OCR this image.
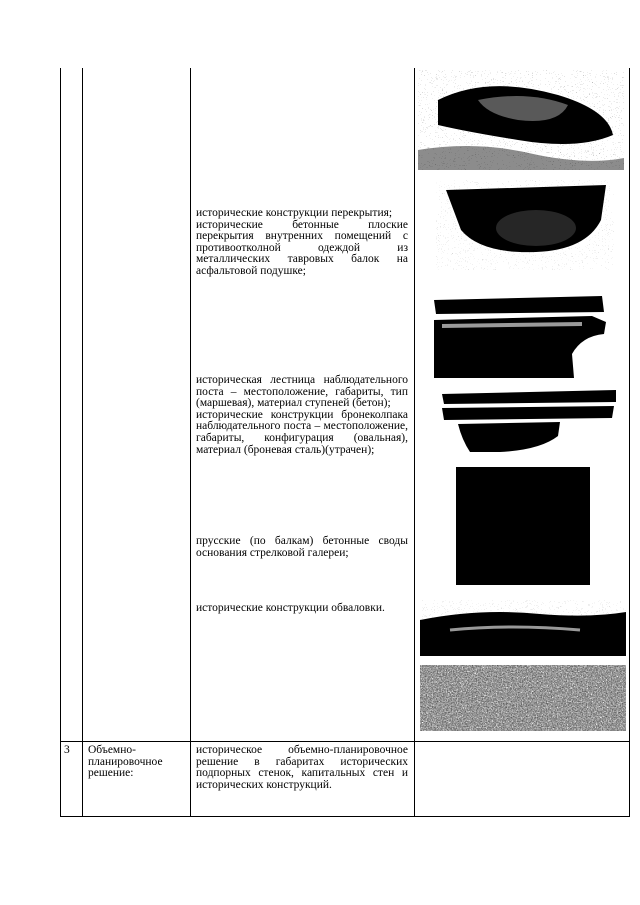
исторические конструкции перекрытия;

исторические бетонные плоские перекрытия внутренних помещений с противоотколной одеждой из металлических тавровых балок на асфальтовой подушке;

историческая лестница наблюдательного поста – местоположение, габариты, тип (маршевая), материал ступеней (бетон);

исторические конструкции бронеколпака наблюдательного поста – местоположение, габариты, конфигурация (овальная), материал (броневая сталь)(утрачен);

прусские (по балкам) бетонные своды основания стрелковой галереи;

исторические конструкции обваловки.

3	Объемно-планировочное решение:
историческое объемно-планировочное решение в габаритах исторических подпорных стенок, капитальных стен и исторических конструкций.
